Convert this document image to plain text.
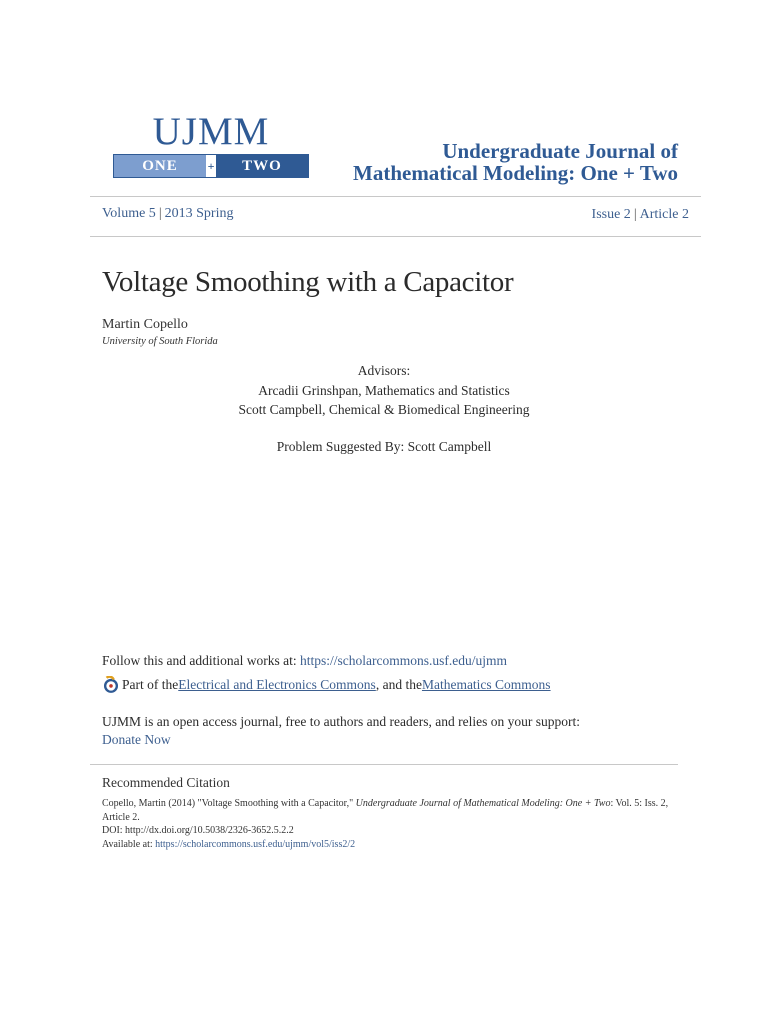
UJMM
ONE	+	TWO
Undergraduate Journal of
Mathematical Modeling: One + Two
Volume 5 | 2013 Spring	Issue 2 | Article 2
Voltage Smoothing with a Capacitor
Martin Copello
University of South Florida
Advisors:
Arcadii Grinshpan, Mathematics and Statistics
Scott Campbell, Chemical & Biomedical Engineering
Problem Suggested By: Scott Campbell
Follow this and additional works at: https://scholarcommons.usf.edu/ujmm
Part of the Electrical and Electronics Commons , and the Mathematics Commons
UJMM is an open access journal, free to authors and readers, and relies on your support:
Donate Now
Recommended Citation
Copello, Martin (2014) "Voltage Smoothing with a Capacitor," Undergraduate Journal of Mathematical Modeling: One + Two: Vol. 5: Iss. 2, Article 2.
DOI: http://dx.doi.org/10.5038/2326-3652.5.2.2
Available at: https://scholarcommons.usf.edu/ujmm/vol5/iss2/2
